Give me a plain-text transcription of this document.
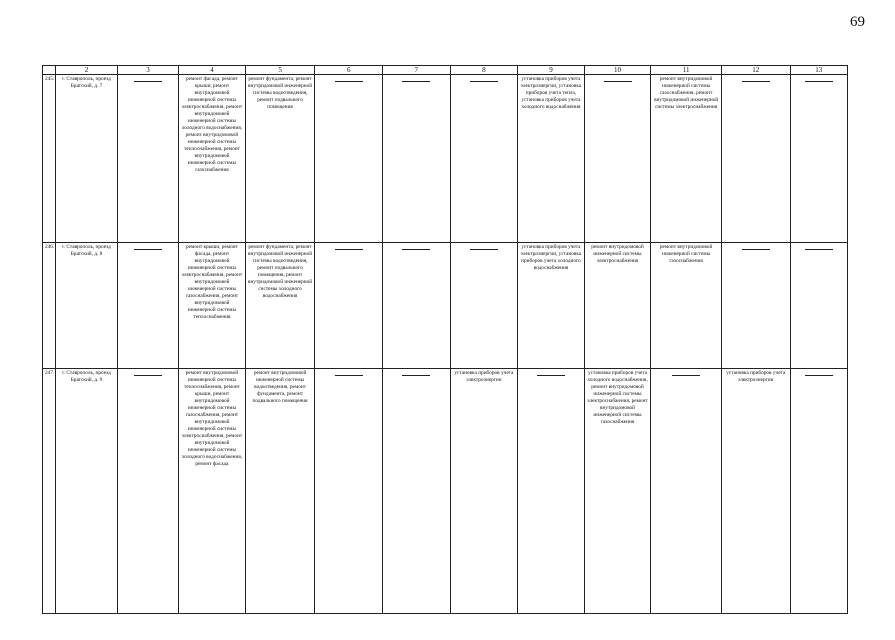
69
	2	3	4	5	6	7	8	9	10	11	12	13
245.	г. Ставрополь, проезд Братский, д. 7		ремонт фасада, ремонт крыши, ремонт внутридомовой инженерной системы электроснабжения, ремонт внутридомовой инженерной системы холодного водоснабжения, ремонт внутридомовой инженерной системы теплоснабжения, ремонт внутридомовой инженерной системы газоснабжения	ремонт фундамента, ремонт внутридомовой инженерной системы водоотведения, ремонт подвального помещения				установка приборов учета электроэнергии, установка приборов учета тепла, установка приборов учета холодного водоснабжения		ремонт внутридомовой инженерной системы газоснабжения, ремонт внутридомовой инженерной системы электроснабжения		
246.	г. Ставрополь, проезд Братский, д. 8		ремонт крыши, ремонт фасада, ремонт внутридомовой инженерной системы электроснабжения, ремонт внутридомовой инженерной системы газоснабжения, ремонт внутридомовой инженерной системы теплоснабжения	ремонт фундамента, ремонт внутридомовой инженерной системы водоотведения, ремонт подвального помещения, ремонт внутридомовой инженерной системы холодного водоснабжения				установка приборов учета электроэнергии, установка приборов учета холодного водоснабжения	ремонт внутридомовой инженерной системы электроснабжения	ремонт внутридомовой инженерной системы газоснабжения		
247.	г. Ставрополь, проезд Братский, д. 9		ремонт внутридомовой инженерной системы теплоснабжения, ремонт крыши, ремонт внутридомовой инженерной системы газоснабжения, ремонт внутридомовой инженерной системы электроснабжения, ремонт внутридомовой инженерной системы холодного водоснабжения, ремонт фасада	ремонт внутридомовой инженерной системы водоотведения, ремонт фундамента, ремонт подвального помещения			установка приборов учета электроэнергии		установка приборов учета холодного водоснабжения, ремонт внутридомовой инженерной системы электроснабжения, ремонт внутридомовой инженерной системы газоснабжения		установка приборов учета электроэнергии	
